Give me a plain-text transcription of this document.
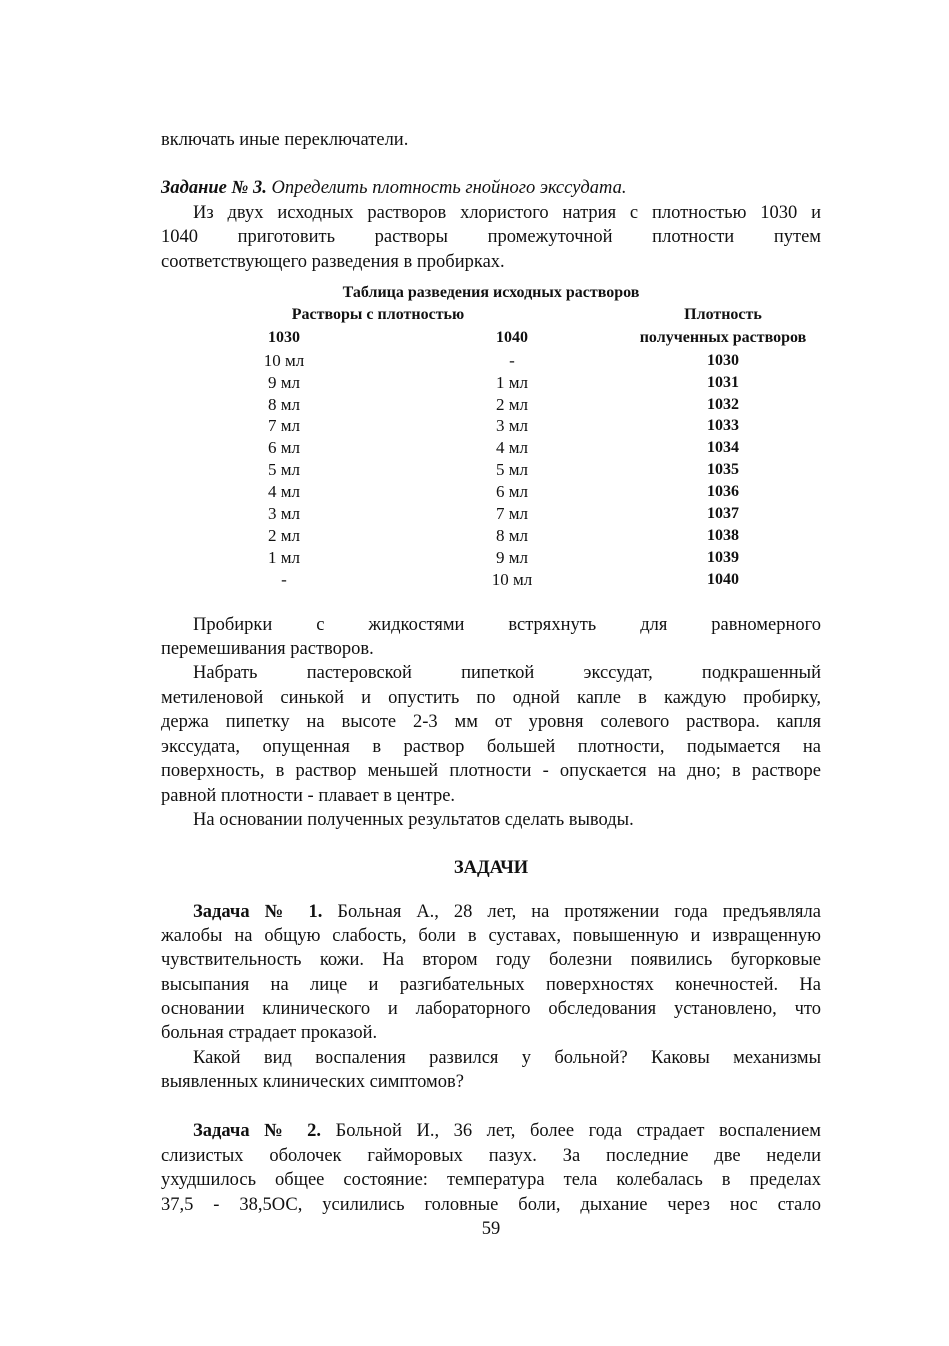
включать иные переключатели.
Задание № 3. Определить плотность гнойного экссудата.
Из двух исходных растворов хлористого натрия с плотностью 1030 и
1040 приготовить растворы промежуточной плотности путем
соответствующего разведения в пробирках.
Таблица разведения исходных растворов
Растворы с плотностью	Плотность
1030	1040	полученных растворов
10 мл	-	1030
9 мл	1 мл	1031
8 мл	2 мл	1032
7 мл	3 мл	1033
6 мл	4 мл	1034
5 мл	5 мл	1035
4 мл	6 мл	1036
3 мл	7 мл	1037
2 мл	8 мл	1038
1 мл	9 мл	1039
-	10 мл	1040
Пробирки с жидкостями встряхнуть для равномерного
перемешивания растворов.
Набрать пастеровской пипеткой экссудат, подкрашенный
метиленовой синькой и опустить по одной капле в каждую пробирку,
держа пипетку на высоте 2-3 мм от уровня солевого раствора. капля
экссудата, опущенная в раствор большей плотности, подымается на
поверхность, в раствор меньшей плотности - опускается на дно; в растворе
равной плотности - плавает в центре.
На основании полученных результатов сделать выводы.
ЗАДАЧИ
Задача № 1. Больная А., 28 лет, на протяжении года предъявляла
жалобы на общую слабость, боли в суставах, повышенную и извращенную
чувствительность кожи. На втором году болезни появились бугорковые
высыпания на лице и разгибательных поверхностях конечностей. На
основании клинического и лабораторного обследования установлено, что
больная страдает проказой.
Какой вид воспаления развился у больной? Каковы механизмы
выявленных клинических симптомов?
Задача № 2. Больной И., 36 лет, более года страдает воспалением
слизистых оболочек гайморовых пазух. За последние две недели
ухудшилось общее состояние: температура тела колебалась в пределах
37,5 - 38,5ОС, усилились головные боли, дыхание через нос стало
59
